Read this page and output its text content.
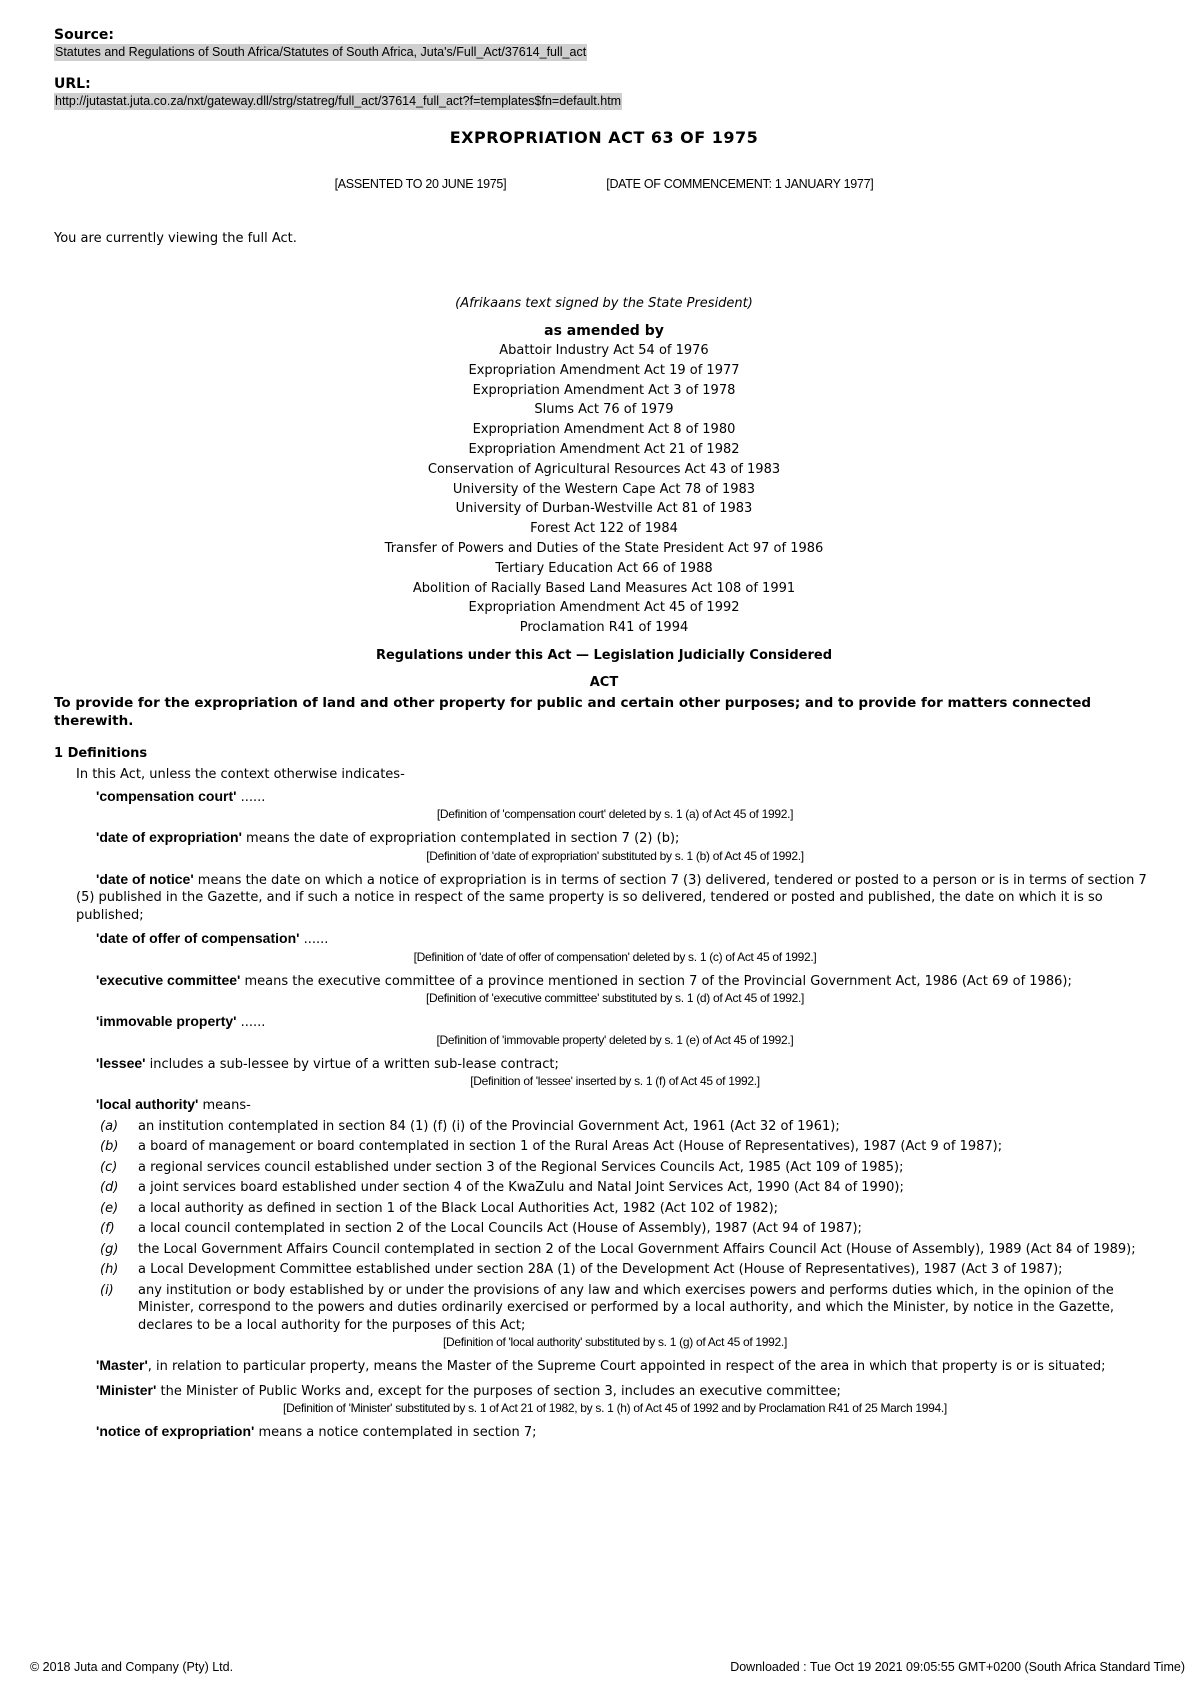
Source:
Statutes and Regulations of South Africa/Statutes of South Africa, Juta's/Full_Act/37614_full_act
URL:
http://jutastat.juta.co.za/nxt/gateway.dll/strg/statreg/full_act/37614_full_act?f=templates$fn=default.htm
EXPROPRIATION ACT 63 OF 1975
[ASSENTED TO 20 JUNE 1975]	[DATE OF COMMENCEMENT: 1 JANUARY 1977]
You are currently viewing the full Act.
(Afrikaans text signed by the State President)
as amended by
Abattoir Industry Act 54 of 1976
Expropriation Amendment Act 19 of 1977
Expropriation Amendment Act 3 of 1978
Slums Act 76 of 1979
Expropriation Amendment Act 8 of 1980
Expropriation Amendment Act 21 of 1982
Conservation of Agricultural Resources Act 43 of 1983
University of the Western Cape Act 78 of 1983
University of Durban-Westville Act 81 of 1983
Forest Act 122 of 1984
Transfer of Powers and Duties of the State President Act 97 of 1986
Tertiary Education Act 66 of 1988
Abolition of Racially Based Land Measures Act 108 of 1991
Expropriation Amendment Act 45 of 1992
Proclamation R41 of 1994
Regulations under this Act — Legislation Judicially Considered
ACT
To provide for the expropriation of land and other property for public and certain other purposes; and to provide for matters connected therewith.
1 Definitions
In this Act, unless the context otherwise indicates-
'compensation court' ......
[Definition of 'compensation court' deleted by s. 1 (a) of Act 45 of 1992.]
'date of expropriation' means the date of expropriation contemplated in section 7 (2) (b);
[Definition of 'date of expropriation' substituted by s. 1 (b) of Act 45 of 1992.]
'date of notice' means the date on which a notice of expropriation is in terms of section 7 (3) delivered, tendered or posted to a person or is in terms of section 7 (5) published in the Gazette, and if such a notice in respect of the same property is so delivered, tendered or posted and published, the date on which it is so published;
'date of offer of compensation' ......
[Definition of 'date of offer of compensation' deleted by s. 1 (c) of Act 45 of 1992.]
'executive committee' means the executive committee of a province mentioned in section 7 of the Provincial Government Act, 1986 (Act 69 of 1986);
[Definition of 'executive committee' substituted by s. 1 (d) of Act 45 of 1992.]
'immovable property' ......
[Definition of 'immovable property' deleted by s. 1 (e) of Act 45 of 1992.]
'lessee' includes a sub-lessee by virtue of a written sub-lease contract;
[Definition of 'lessee' inserted by s. 1 (f) of Act 45 of 1992.]
'local authority' means-
(a)	an institution contemplated in section 84 (1) (f) (i) of the Provincial Government Act, 1961 (Act 32 of 1961);
(b)	a board of management or board contemplated in section 1 of the Rural Areas Act (House of Representatives), 1987 (Act 9 of 1987);
(c)	a regional services council established under section 3 of the Regional Services Councils Act, 1985 (Act 109 of 1985);
(d)	a joint services board established under section 4 of the KwaZulu and Natal Joint Services Act, 1990 (Act 84 of 1990);
(e)	a local authority as defined in section 1 of the Black Local Authorities Act, 1982 (Act 102 of 1982);
(f)	a local council contemplated in section 2 of the Local Councils Act (House of Assembly), 1987 (Act 94 of 1987);
(g)	the Local Government Affairs Council contemplated in section 2 of the Local Government Affairs Council Act (House of Assembly), 1989 (Act 84 of 1989);
(h)	a Local Development Committee established under section 28A (1) of the Development Act (House of Representatives), 1987 (Act 3 of 1987);
(i)	any institution or body established by or under the provisions of any law and which exercises powers and performs duties which, in the opinion of the Minister, correspond to the powers and duties ordinarily exercised or performed by a local authority, and which the Minister, by notice in the Gazette, declares to be a local authority for the purposes of this Act;
[Definition of 'local authority' substituted by s. 1 (g) of Act 45 of 1992.]
'Master', in relation to particular property, means the Master of the Supreme Court appointed in respect of the area in which that property is or is situated;
'Minister' the Minister of Public Works and, except for the purposes of section 3, includes an executive committee;
[Definition of 'Minister' substituted by s. 1 of Act 21 of 1982, by s. 1 (h) of Act 45 of 1992 and by Proclamation R41 of 25 March 1994.]
'notice of expropriation' means a notice contemplated in section 7;
© 2018 Juta and Company (Pty) Ltd.	Downloaded : Tue Oct 19 2021 09:05:55 GMT+0200 (South Africa Standard Time)
